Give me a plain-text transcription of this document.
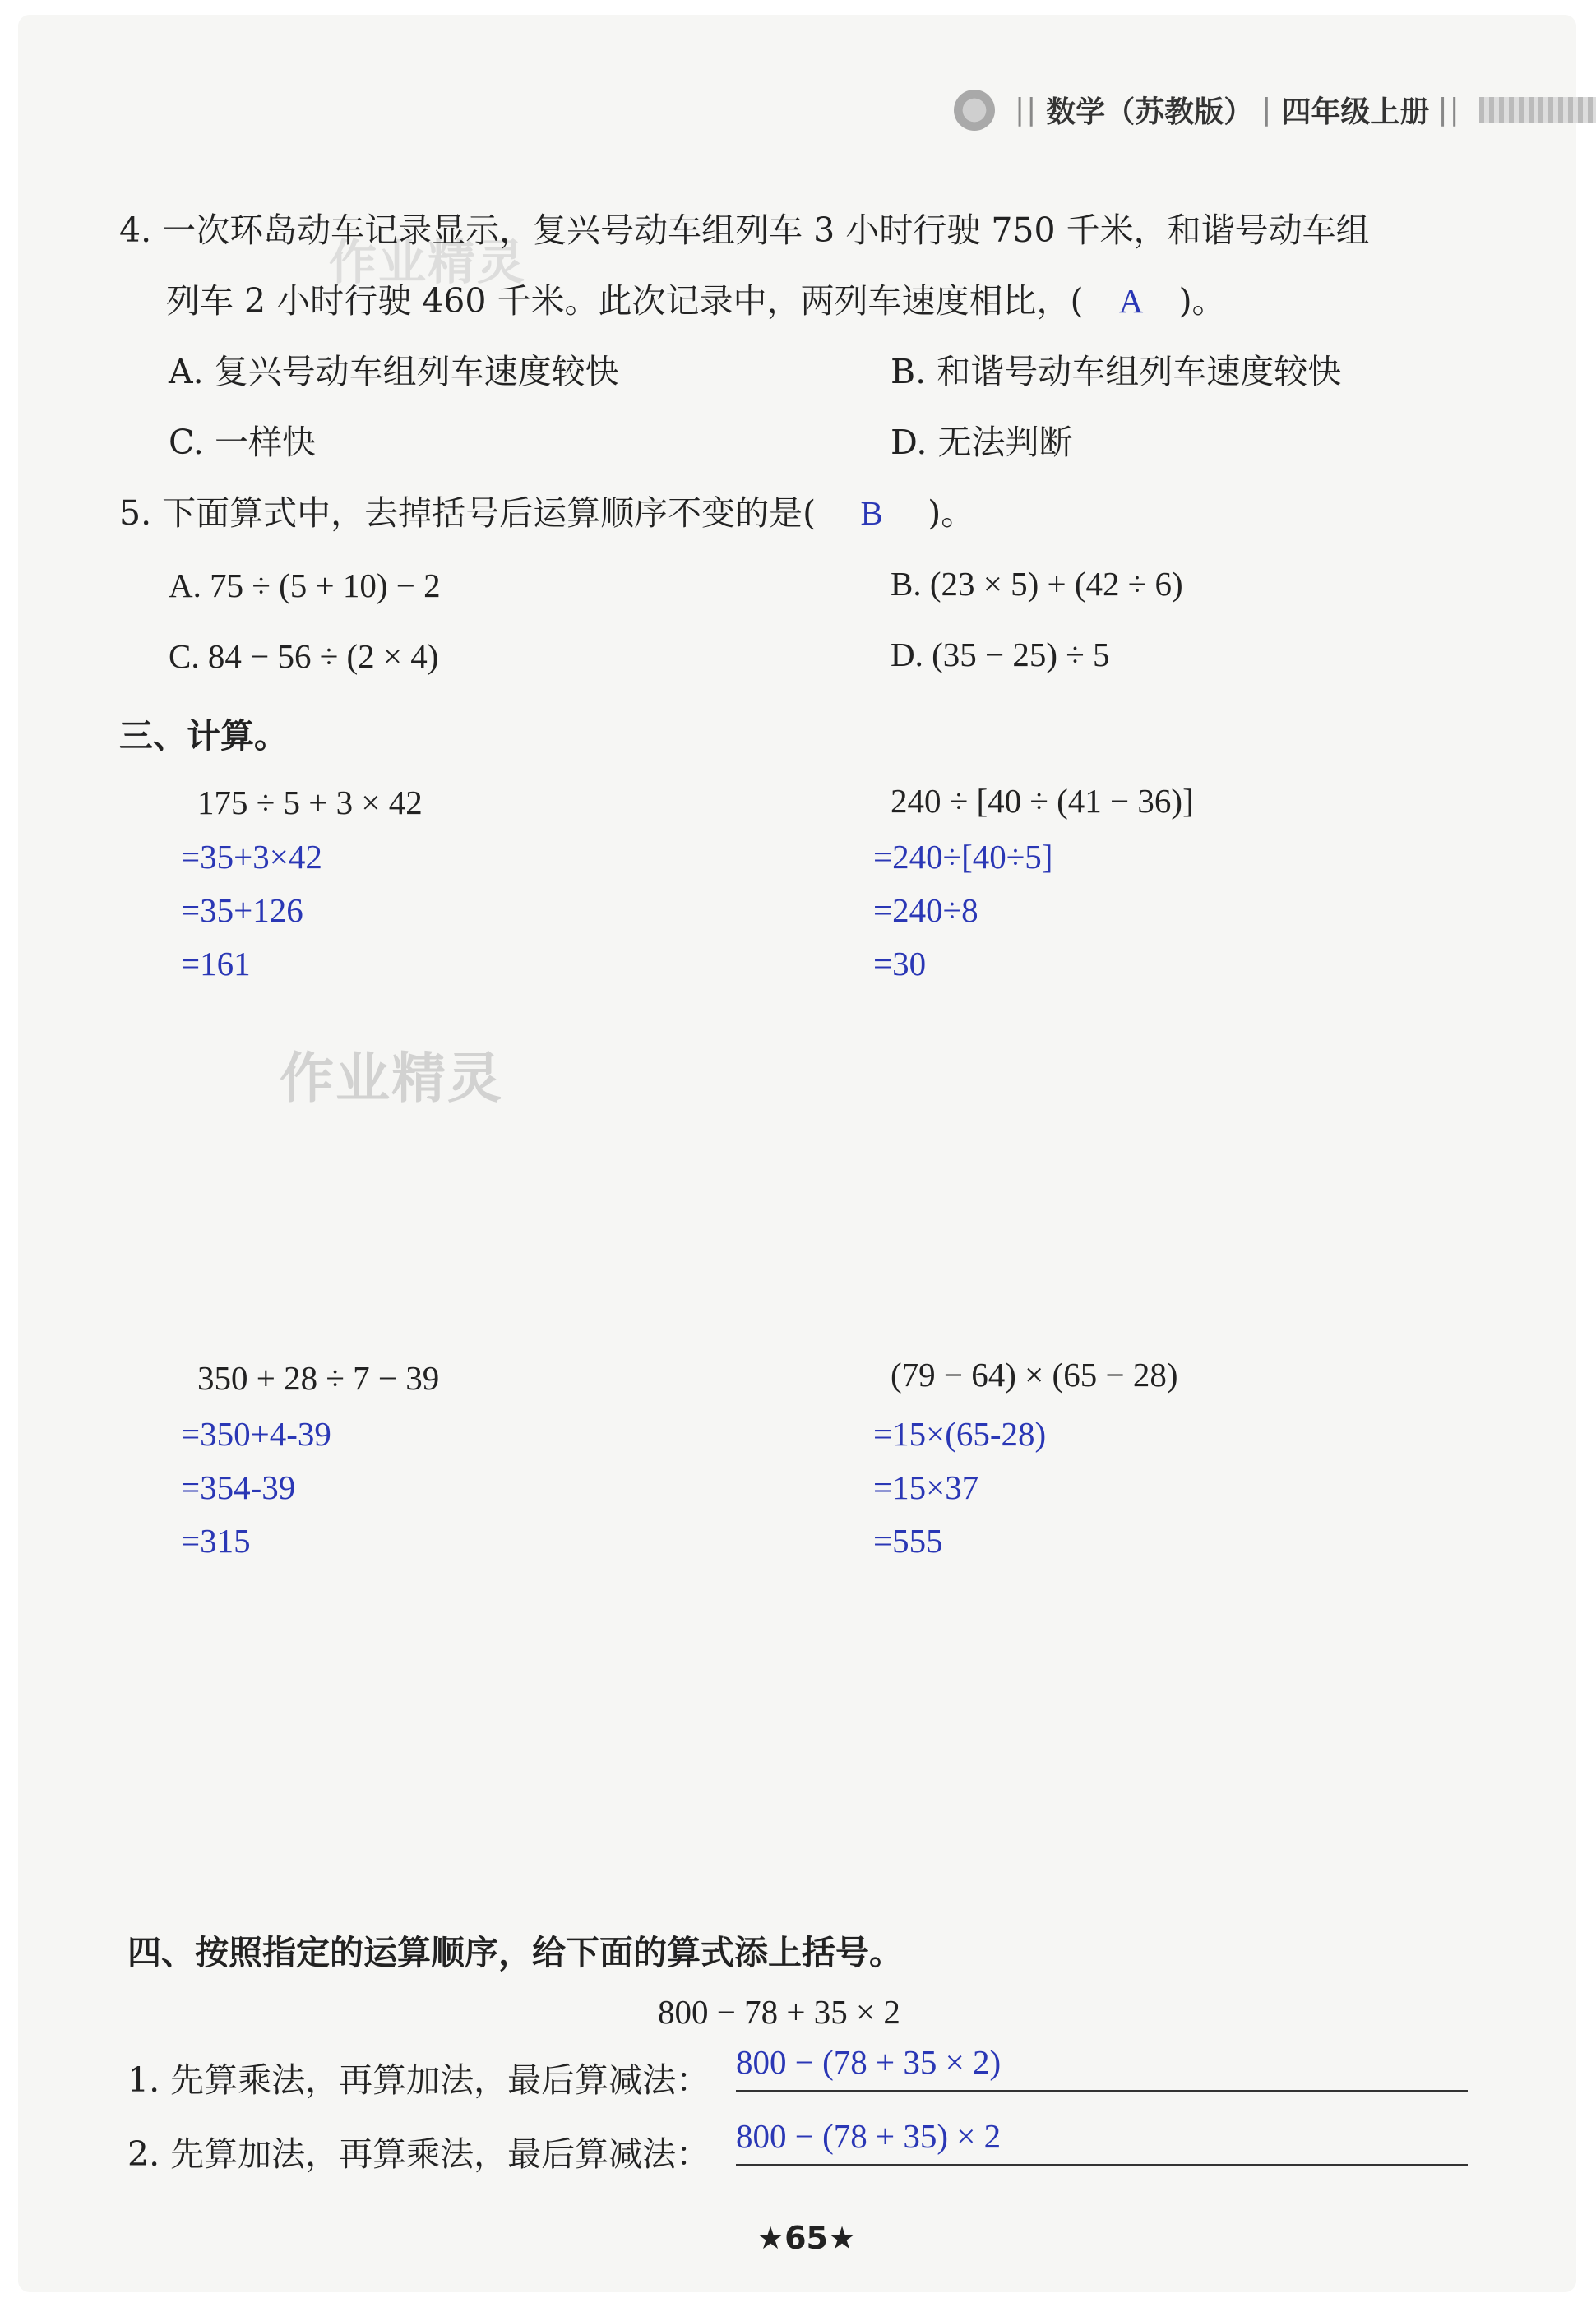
|| 数学（苏教版） | 四年级上册 ||
作业精灵
作业精灵
4. 一次环岛动车记录显示，复兴号动车组列车 3 小时行驶 750 千米，和谐号动车组
列车 2 小时行驶 460 千米。此次记录中，两列车速度相比，( A )。
A. 复兴号动车组列车速度较快	B. 和谐号动车组列车速度较快
C. 一样快	D. 无法判断
5. 下面算式中，去掉括号后运算顺序不变的是( B )。
A. 75 ÷ (5 + 10) − 2	B. (23 × 5) + (42 ÷ 6)
C. 84 − 56 ÷ (2 × 4)	D. (35 − 25) ÷ 5
三、计算。
175 ÷ 5 + 3 × 42
=35+3×42
=35+126
=161
240 ÷ [40 ÷ (41 − 36)]
=240÷[40÷5]
=240÷8
=30
350 + 28 ÷ 7 − 39
=350+4-39
=354-39
=315
(79 − 64) × (65 − 28)
=15×(65-28)
=15×37
=555
四、按照指定的运算顺序，给下面的算式添上括号。
800 − 78 + 35 × 2
1. 先算乘法，再算加法，最后算减法： 800 − (78 + 35 × 2)
2. 先算加法，再算乘法，最后算减法： 800 − (78 + 35) × 2
★65★
